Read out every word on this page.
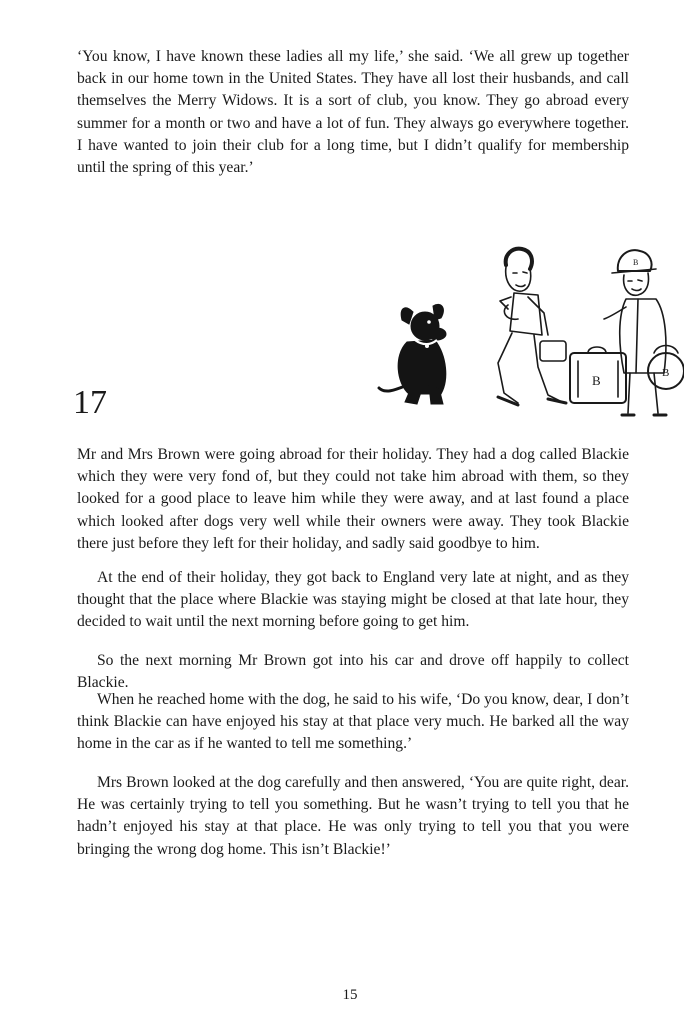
‘You know, I have known these ladies all my life,’ she said. ‘We all grew up together back in our home town in the United States. They have all lost their husbands, and call themselves the Merry Widows. It is a sort of club, you know. They go abroad every summer for a month or two and have a lot of fun. They always go everywhere together. I have wanted to join their club for a long time, but I didn’t qualify for membership until the spring of this year.’

B	B
B
17

Mr and Mrs Brown were going abroad for their holiday. They had a dog called Blackie which they were very fond of, but they could not take him abroad with them, so they looked for a good place to leave him while they were away, and at last found a place which looked after dogs very well while their owners were away. They took Blackie there just before they left for their holiday, and sadly said goodbye to him.

At the end of their holiday, they got back to England very late at night, and as they thought that the place where Blackie was staying might be closed at that late hour, they decided to wait until the next morning before going to get him.

So the next morning Mr Brown got into his car and drove off happily to collect Blackie.

When he reached home with the dog, he said to his wife, ‘Do you know, dear, I don’t think Blackie can have enjoyed his stay at that place very much. He barked all the way home in the car as if he wanted to tell me something.’

Mrs Brown looked at the dog carefully and then answered, ‘You are quite right, dear. He was certainly trying to tell you something. But he wasn’t trying to tell you that he hadn’t enjoyed his stay at that place. He was only trying to tell you that you were bringing the wrong dog home. This isn’t Blackie!’

15
